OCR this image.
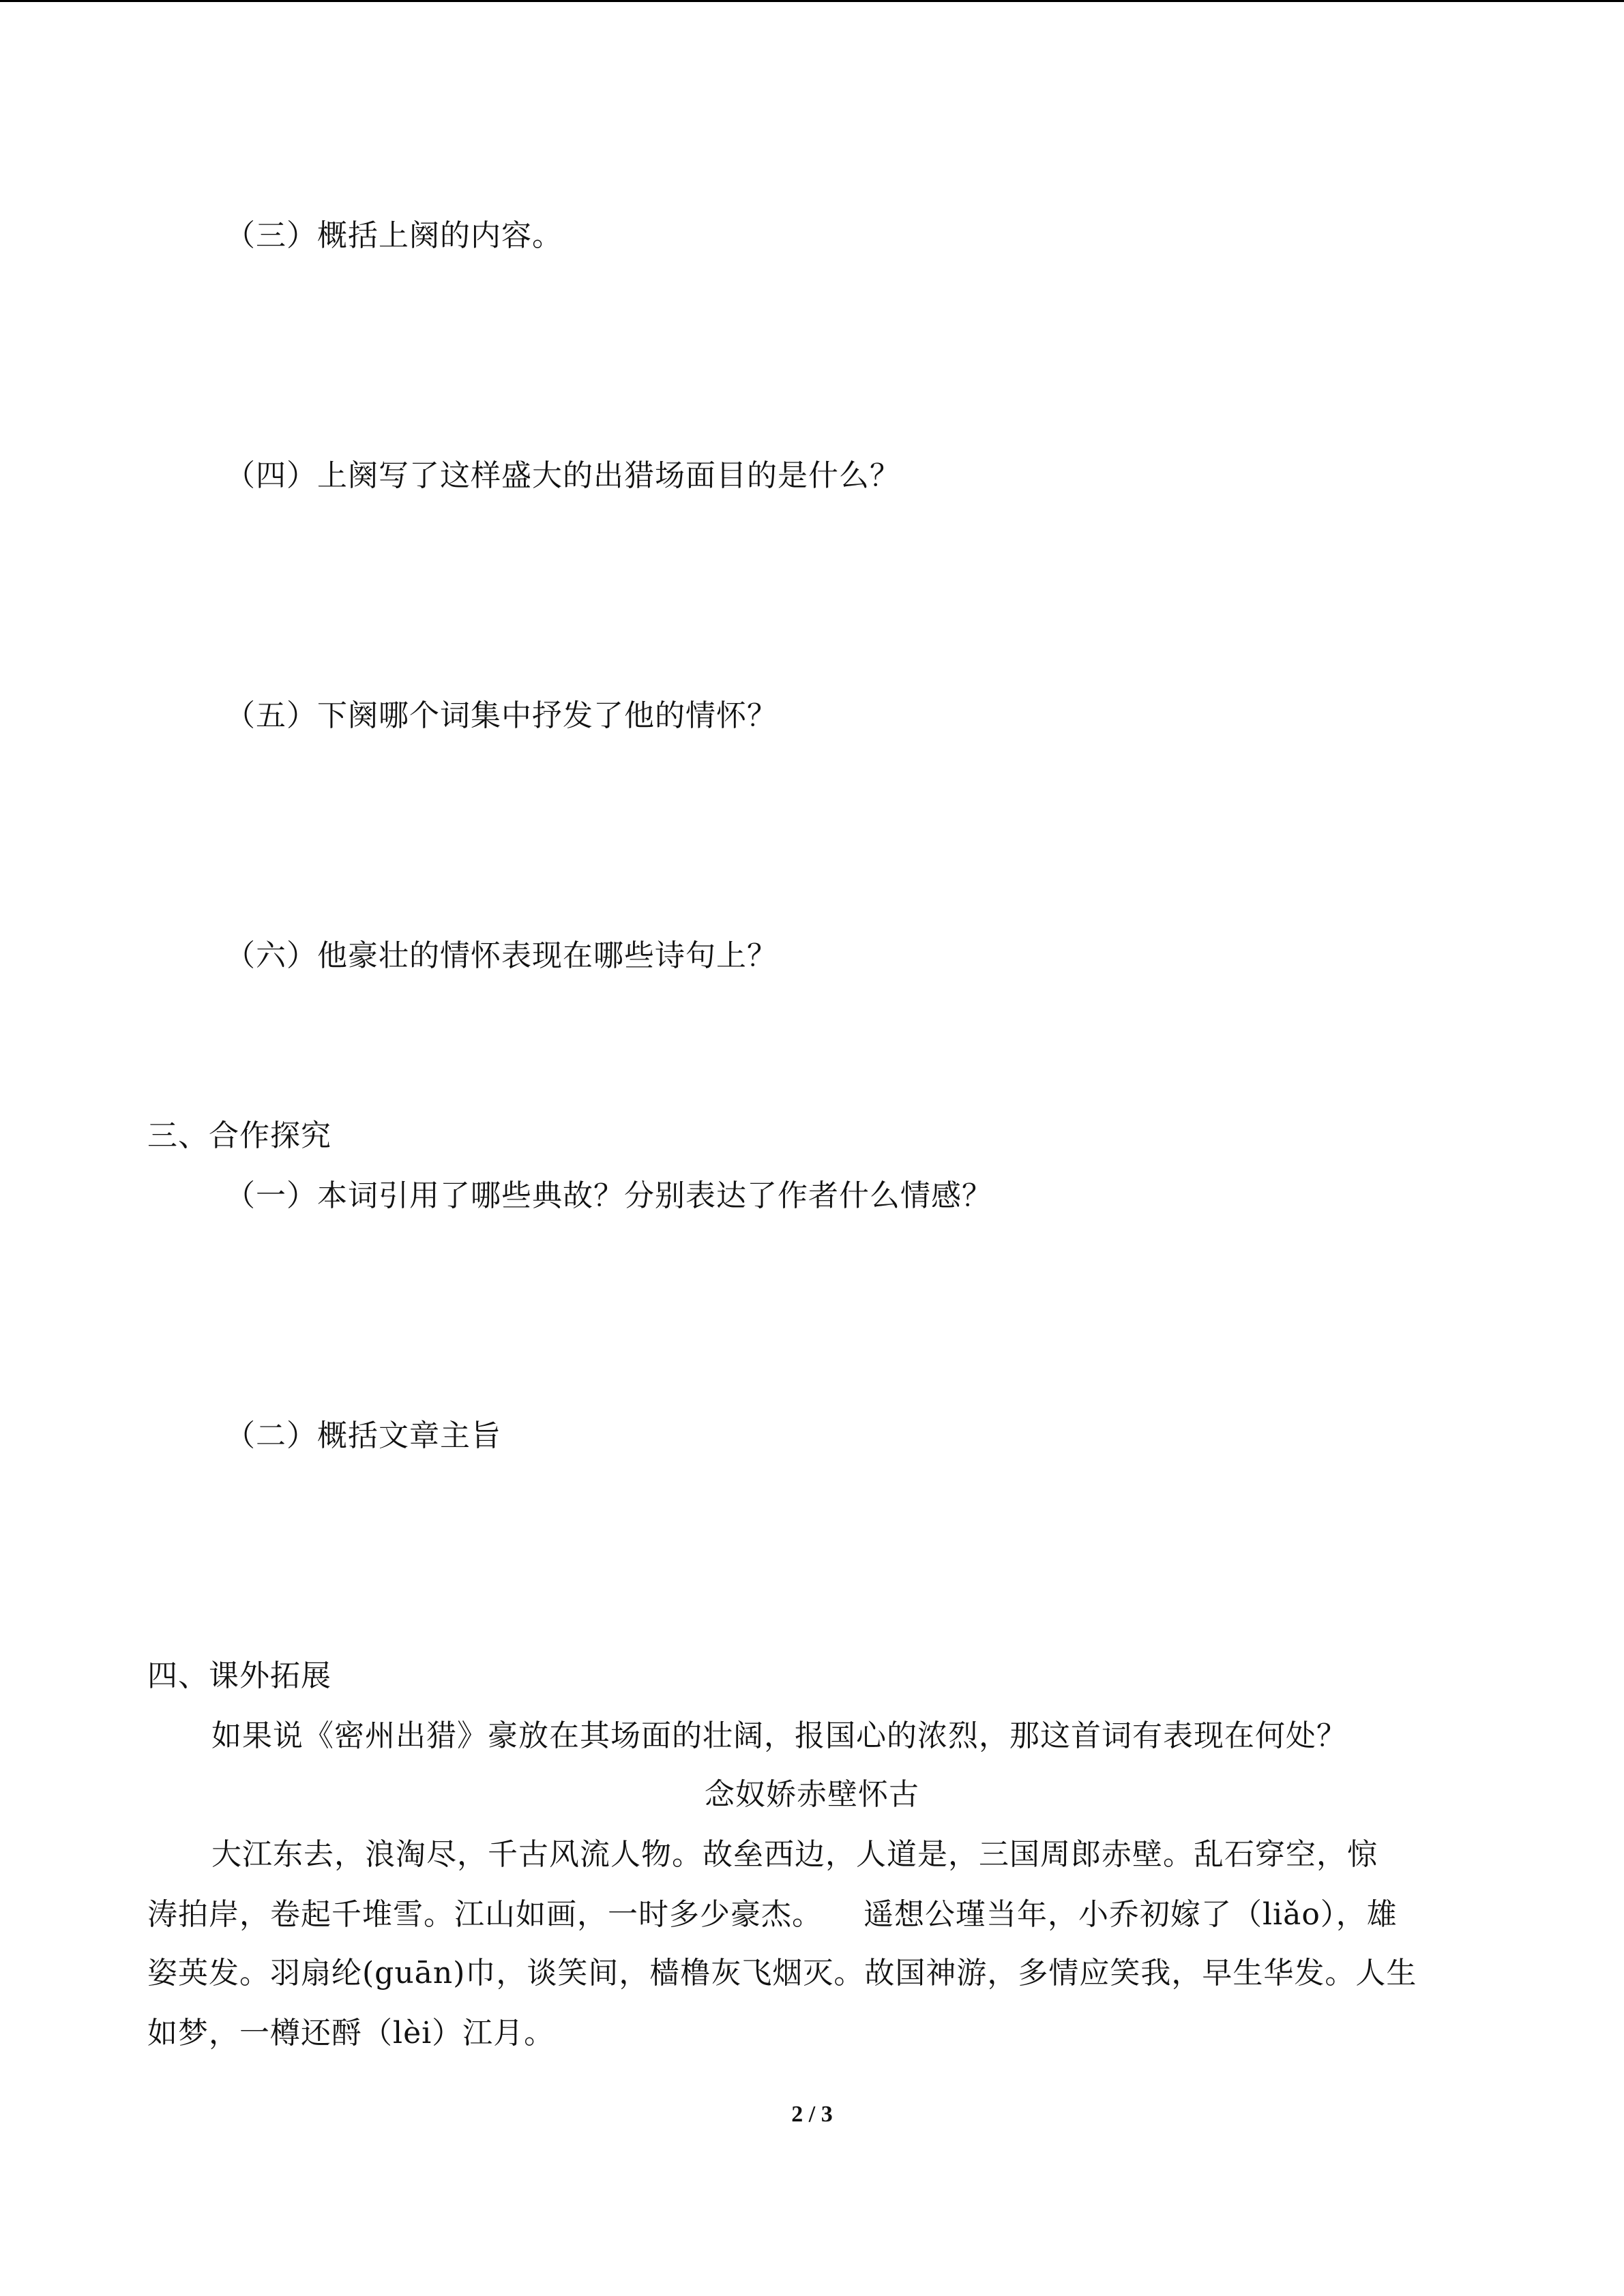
（三）概括上阕的内容。
（四）上阕写了这样盛大的出猎场面目的是什么？
（五）下阕哪个词集中抒发了他的情怀？
（六）他豪壮的情怀表现在哪些诗句上？
三、合作探究
（一）本词引用了哪些典故？分别表达了作者什么情感？
（二）概括文章主旨
四、课外拓展
如果说《密州出猎》豪放在其场面的壮阔，报国心的浓烈，那这首词有表现在何处？
念奴娇赤壁怀古
大江东去，浪淘尽，千古风流人物。故垒西边，人道是，三国周郎赤壁。乱石穿空，惊
涛拍岸，卷起千堆雪。江山如画，一时多少豪杰。    遥想公瑾当年，小乔初嫁了（liǎo），雄
姿英发。羽扇纶(guān)巾，谈笑间，樯橹灰飞烟灭。故国神游，多情应笑我，早生华发。人生
如梦，一樽还酹（lèi）江月。
2 / 3
